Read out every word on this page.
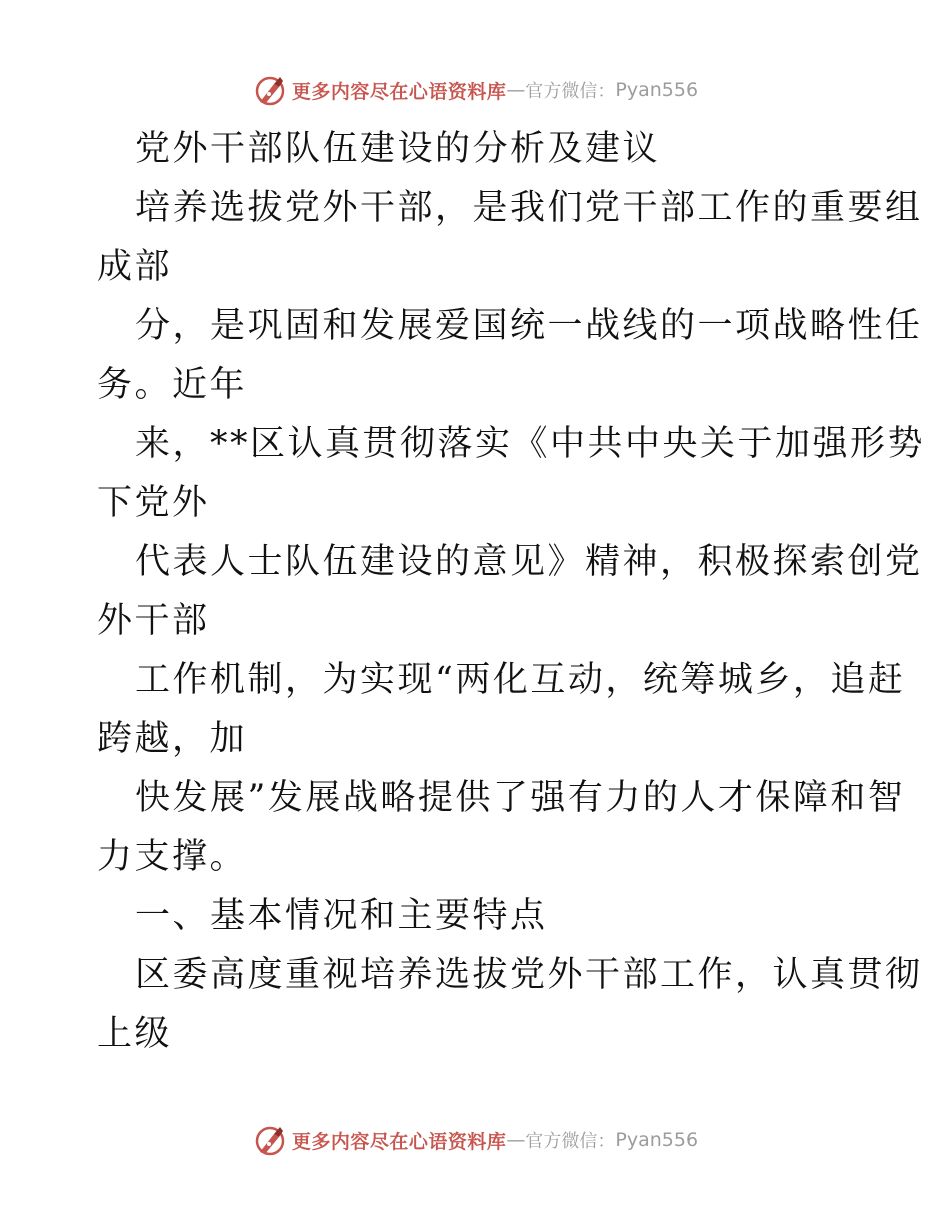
更多内容尽在心语资料库 — 官方微信： Pyan556
党外干部队伍建设的分析及建议
培养选拔党外干部，是我们党干部工作的重要组
成部
分，是巩固和发展爱国统一战线的一项战略性任
务。近年
来，**区认真贯彻落实《中共中央关于加强形势
下党外
代表人士队伍建设的意见》精神，积极探索创党
外干部
工作机制，为实现“两化互动，统筹城乡，追赶
跨越，加
快发展”发展战略提供了强有力的人才保障和智
力支撑。
一、基本情况和主要特点
区委高度重视培养选拔党外干部工作，认真贯彻
上级
更多内容尽在心语资料库 — 官方微信： Pyan556
